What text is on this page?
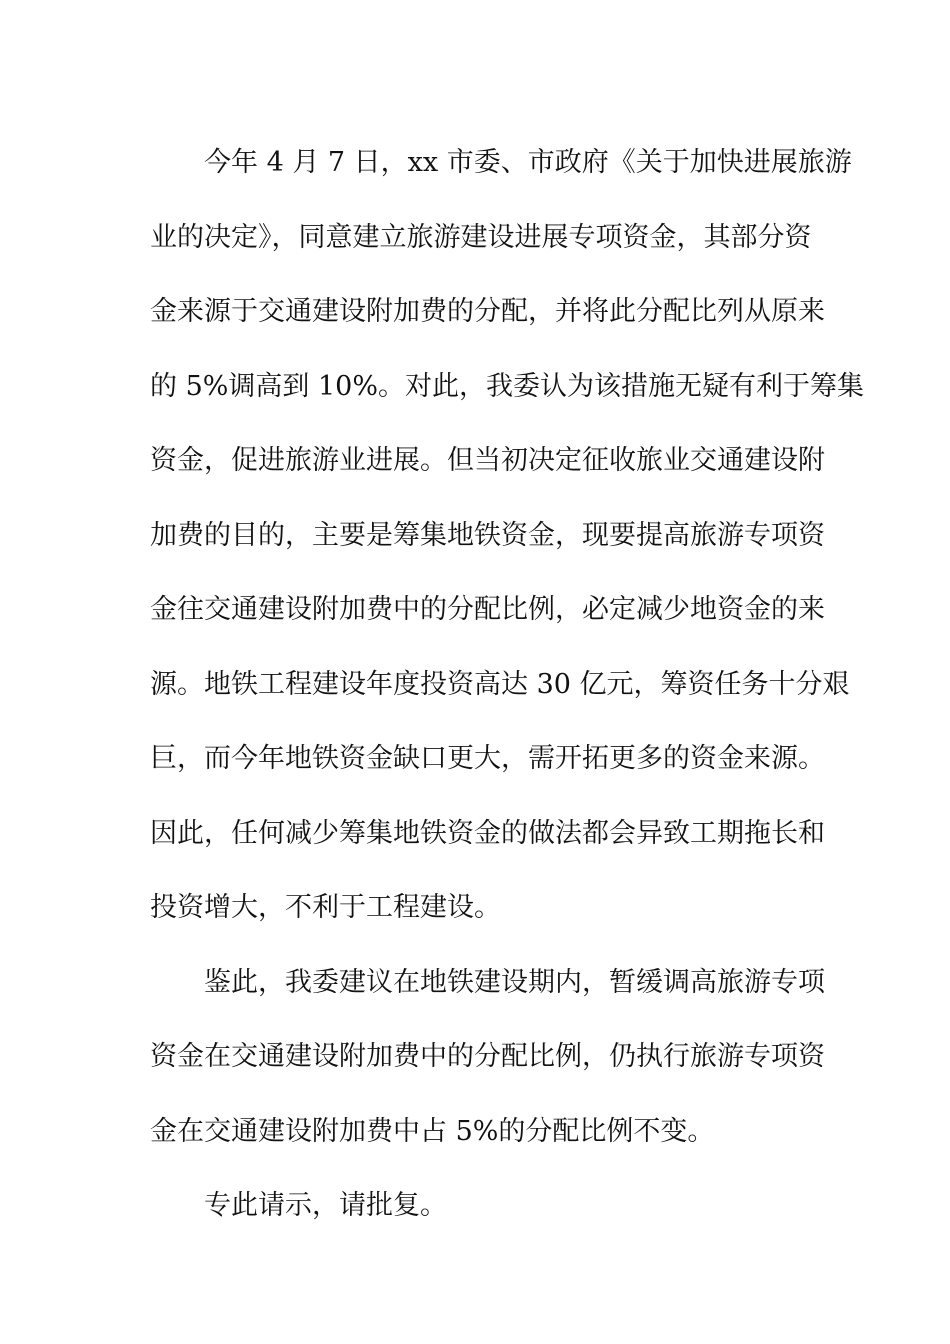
今年 4 月 7 日，xx 市委、市政府《关于加快进展旅游
业的决定》，同意建立旅游建设进展专项资金，其部分资
金来源于交通建设附加费的分配，并将此分配比列从原来
的 5%调高到 10%。对此，我委认为该措施无疑有利于筹集
资金，促进旅游业进展。但当初决定征收旅业交通建设附
加费的目的，主要是筹集地铁资金，现要提高旅游专项资
金往交通建设附加费中的分配比例，必定减少地资金的来
源。地铁工程建设年度投资高达 30 亿元，筹资任务十分艰
巨，而今年地铁资金缺口更大，需开拓更多的资金来源。
因此，任何减少筹集地铁资金的做法都会异致工期拖长和
投资增大，不利于工程建设。
鉴此，我委建议在地铁建设期内，暂缓调高旅游专项
资金在交通建设附加费中的分配比例，仍执行旅游专项资
金在交通建设附加费中占 5%的分配比例不变。
专此请示，请批复。
